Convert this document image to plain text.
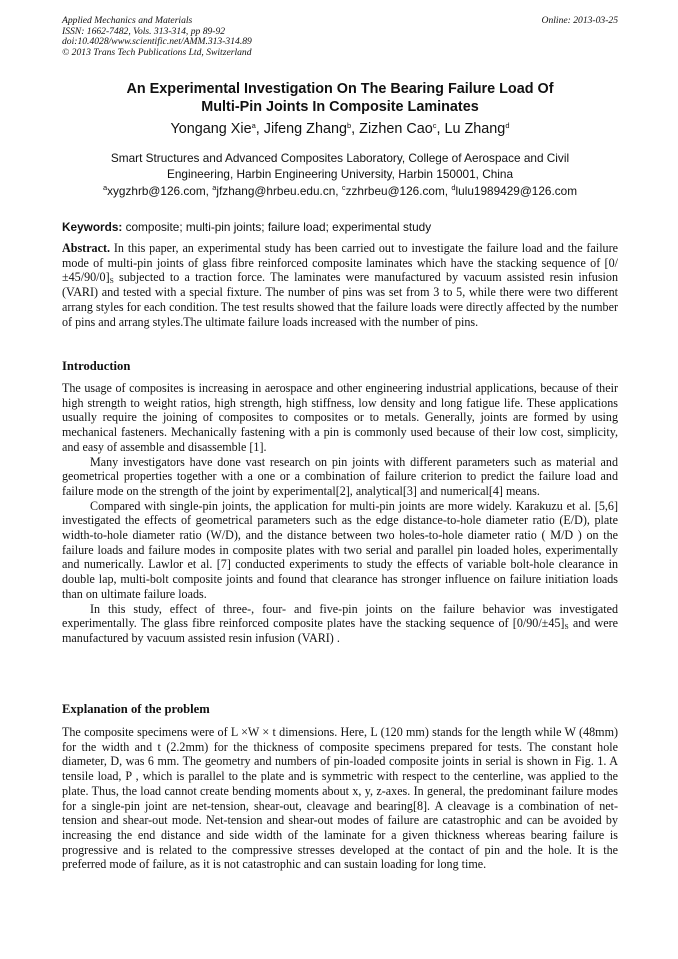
Applied Mechanics and Materials
ISSN: 1662-7482, Vols. 313-314, pp 89-92
doi:10.4028/www.scientific.net/AMM.313-314.89
© 2013 Trans Tech Publications Ltd, Switzerland
Online: 2013-03-25
An Experimental Investigation On The Bearing Failure Load Of
Multi-Pin Joints In Composite Laminates
Yongang Xie$^a$, Jifeng Zhang$^b$, Zizhen Cao$^c$, Lu Zhang$^d$
Smart Structures and Advanced Composites Laboratory, College of Aerospace and Civil
Engineering, Harbin Engineering University, Harbin 150001, China
$^a$xygzhrb@126.com, $^a$jfzhang@hrbeu.edu.cn, $^c$zzhrbeu@126.com, $^d$lulu1989429@126.com
Keywords: composite; multi-pin joints; failure load; experimental study

Abstract. In this paper, an experimental study has been carried out to investigate the failure load and the failure mode of multi-pin joints of glass fibre reinforced composite laminates which have the stacking sequence of $[0/\pm 45/90/0]_S$ subjected to a traction force. The laminates were manufactured by vacuum assisted resin infusion (VARI) and tested with a special fixture. The number of pins was set from 3 to 5, while there were two different arrang styles for each condition. The test results showed that the failure loads were directly affected by the number of pins and arrang styles.The ultimate failure loads increased with the number of pins.

Introduction

The usage of composites is increasing in aerospace and other engineering industrial applications, because of their high strength to weight ratios, high strength, high stiffness, low density and long fatigue life. These applications usually require the joining of composites to composites or to metals. Generally, joints are formed by using mechanical fasteners. Mechanically fastening with a pin is commonly used because of their low cost, simplicity, and easy of assemble and disassemble [1].

Many investigators have done vast research on pin joints with different parameters such as material and geometrical properties together with a one or a combination of failure criterion to predict the failure load and failure mode on the strength of the joint by experimental[2], analytical[3] and numerical[4] means.

Compared with single-pin joints, the application for multi-pin joints are more widely. Karakuzu et al. [5,6] investigated the effects of geometrical parameters such as the edge distance-to-hole diameter ratio (E/D), plate width-to-hole diameter ratio (W/D), and the distance between two holes-to-hole diameter ratio ( M/D ) on the failure loads and failure modes in composite plates with two serial and parallel pin loaded holes, experimentally and numerically. Lawlor et al. [7] conducted experiments to study the effects of variable bolt-hole clearance in double lap, multi-bolt composite joints and found that clearance has stronger influence on failure initiation loads than on ultimate failure loads.

In this study, effect of three-, four- and five-pin joints on the failure behavior was investigated experimentally. The glass fibre reinforced composite plates have the stacking sequence of $[0/90/\pm 45]_S$ and were manufactured by vacuum assisted resin infusion (VARI) .

Explanation of the problem

The composite specimens were of L ×W × t dimensions. Here, L (120 mm) stands for the length while W (48mm) for the width and t (2.2mm) for the thickness of composite specimens prepared for tests. The constant hole diameter, D, was 6 mm. The geometry and numbers of pin-loaded composite joints in serial is shown in Fig. 1. A tensile load, P , which is parallel to the plate and is symmetric with respect to the centerline, was applied to the plate. Thus, the load cannot create bending moments about x, y, z-axes. In general, the predominant failure modes for a single-pin joint are net-tension, shear-out, cleavage and bearing[8]. A cleavage is a combination of net-tension and shear-out mode. Net-tension and shear-out modes of failure are catastrophic and can be avoided by increasing the end distance and side width of the laminate for a given thickness whereas bearing failure is progressive and is related to the compressive stresses developed at the contact of pin and the hole. It is the preferred mode of failure, as it is not catastrophic and can sustain loading for long time.
